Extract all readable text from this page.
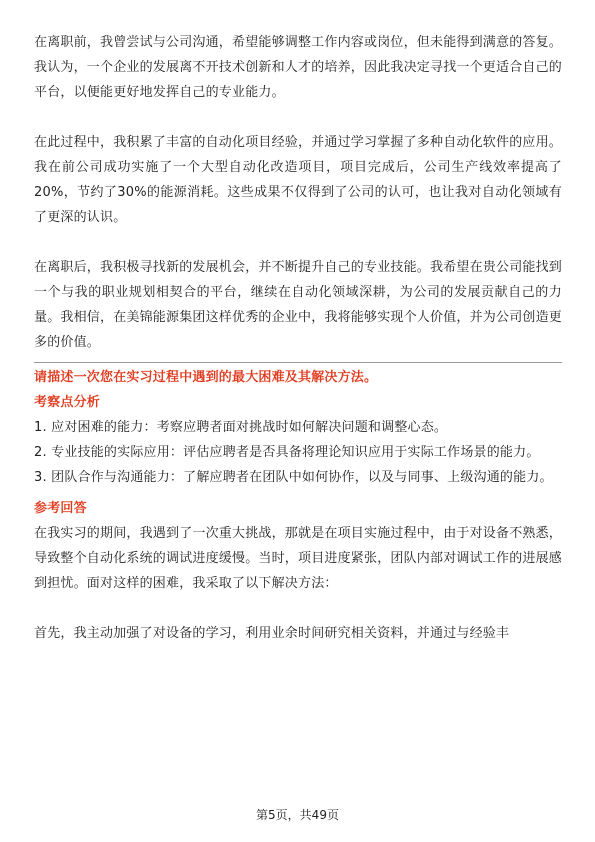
在离职前，我曾尝试与公司沟通，希望能够调整工作内容或岗位，但未能得到满意的答复。我认为，一个企业的发展离不开技术创新和人才的培养，因此我决定寻找一个更适合自己的平台，以便能更好地发挥自己的专业能力。

在此过程中，我积累了丰富的自动化项目经验，并通过学习掌握了多种自动化软件的应用。我在前公司成功实施了一个大型自动化改造项目，项目完成后，公司生产线效率提高了20%，节约了30%的能源消耗。这些成果不仅得到了公司的认可，也让我对自动化领域有了更深的认识。

在离职后，我积极寻找新的发展机会，并不断提升自己的专业技能。我希望在贵公司能找到一个与我的职业规划相契合的平台，继续在自动化领域深耕，为公司的发展贡献自己的力量。我相信，在美锦能源集团这样优秀的企业中，我将能够实现个人价值，并为公司创造更多的价值。

请描述一次您在实习过程中遇到的最大困难及其解决方法。

考察点分析

1. 应对困难的能力：考察应聘者面对挑战时如何解决问题和调整心态。

2. 专业技能的实际应用：评估应聘者是否具备将理论知识应用于实际工作场景的能力。

3. 团队合作与沟通能力：了解应聘者在团队中如何协作，以及与同事、上级沟通的能力。

参考回答

在我实习的期间，我遇到了一次重大挑战，那就是在项目实施过程中，由于对设备不熟悉，导致整个自动化系统的调试进度缓慢。当时，项目进度紧张，团队内部对调试工作的进展感到担忧。面对这样的困难，我采取了以下解决方法：

首先，我主动加强了对设备的学习，利用业余时间研究相关资料，并通过与经验丰

第5页，共49页
